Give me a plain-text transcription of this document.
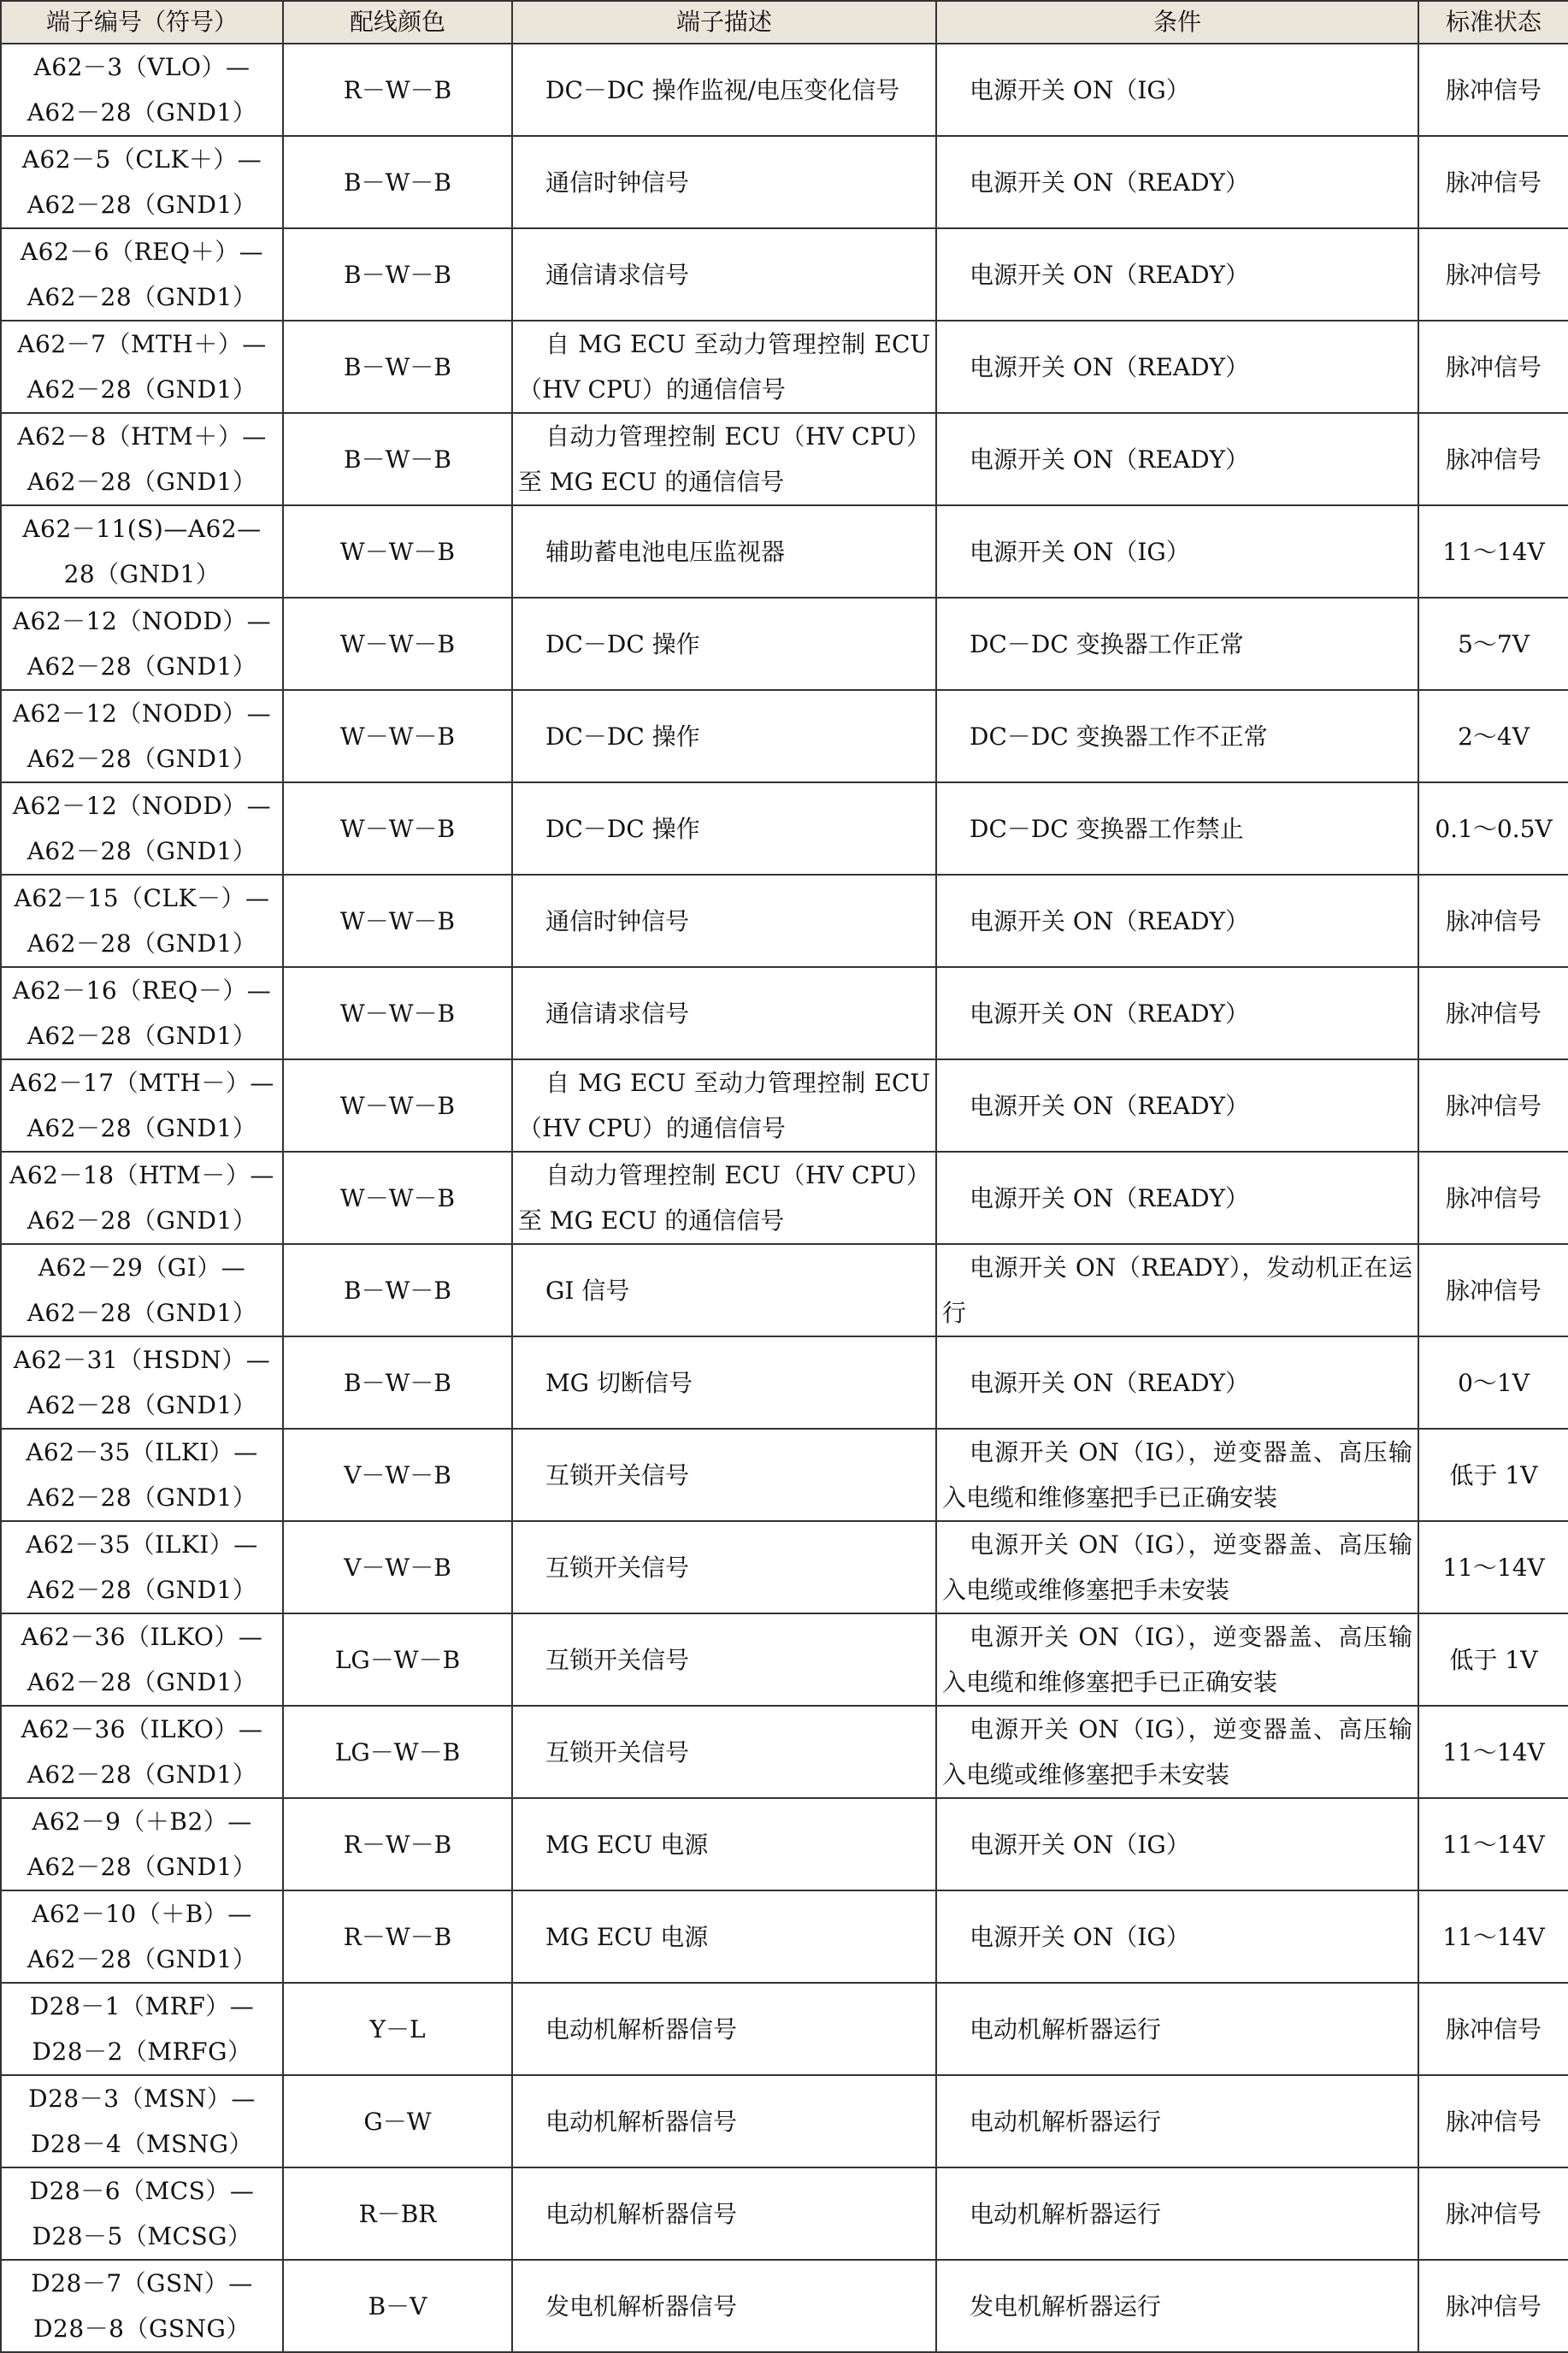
端子编号（符号）	配线颜色	端子描述	条件	标准状态
A62－3（VLO）—
A62－28（GND1）	R－W－B	DC－DC 操作监视/电压变化信号	电源开关 ON（IG）	脉冲信号
A62－5（CLK＋）—
A62－28（GND1）	B－W－B	通信时钟信号	电源开关 ON（READY）	脉冲信号
A62－6（REQ＋）—
A62－28（GND1）	B－W－B	通信请求信号	电源开关 ON（READY）	脉冲信号
A62－7（MTH＋）—
A62－28（GND1）	B－W－B	自 MG ECU 至动力管理控制 ECU（HV CPU）的通信信号	电源开关 ON（READY）	脉冲信号
A62－8（HTM＋）—
A62－28（GND1）	B－W－B	自动力管理控制 ECU（HV CPU）至 MG ECU 的通信信号	电源开关 ON（READY）	脉冲信号
A62－11(S)—A62—
28（GND1）	W－W－B	辅助蓄电池电压监视器	电源开关 ON（IG）	11～14V
A62－12（NODD）—
A62－28（GND1）	W－W－B	DC－DC 操作	DC－DC 变换器工作正常	5～7V
A62－12（NODD）—
A62－28（GND1）	W－W－B	DC－DC 操作	DC－DC 变换器工作不正常	2～4V
A62－12（NODD）—
A62－28（GND1）	W－W－B	DC－DC 操作	DC－DC 变换器工作禁止	0.1～0.5V
A62－15（CLK－）—
A62－28（GND1）	W－W－B	通信时钟信号	电源开关 ON（READY）	脉冲信号
A62－16（REQ－）—
A62－28（GND1）	W－W－B	通信请求信号	电源开关 ON（READY）	脉冲信号
A62－17（MTH－）—
A62－28（GND1）	W－W－B	自 MG ECU 至动力管理控制 ECU（HV CPU）的通信信号	电源开关 ON（READY）	脉冲信号
A62－18（HTM－）—
A62－28（GND1）	W－W－B	自动力管理控制 ECU（HV CPU）至 MG ECU 的通信信号	电源开关 ON（READY）	脉冲信号
A62－29（GI）—
A62－28（GND1）	B－W－B	GI 信号	电源开关 ON（READY），发动机正在运行	脉冲信号
A62－31（HSDN）—
A62－28（GND1）	B－W－B	MG 切断信号	电源开关 ON（READY）	0～1V
A62－35（ILKI）—
A62－28（GND1）	V－W－B	互锁开关信号	电源开关 ON（IG），逆变器盖、高压输入电缆和维修塞把手已正确安装	低于 1V
A62－35（ILKI）—
A62－28（GND1）	V－W－B	互锁开关信号	电源开关 ON（IG），逆变器盖、高压输入电缆或维修塞把手未安装	11～14V
A62－36（ILKO）—
A62－28（GND1）	LG－W－B	互锁开关信号	电源开关 ON（IG），逆变器盖、高压输入电缆和维修塞把手已正确安装	低于 1V
A62－36（ILKO）—
A62－28（GND1）	LG－W－B	互锁开关信号	电源开关 ON（IG），逆变器盖、高压输入电缆或维修塞把手未安装	11～14V
A62－9（＋B2）—
A62－28（GND1）	R－W－B	MG ECU 电源	电源开关 ON（IG）	11～14V
A62－10（＋B）—
A62－28（GND1）	R－W－B	MG ECU 电源	电源开关 ON（IG）	11～14V
D28－1（MRF）—
D28－2（MRFG）	Y－L	电动机解析器信号	电动机解析器运行	脉冲信号
D28－3（MSN）—
D28－4（MSNG）	G－W	电动机解析器信号	电动机解析器运行	脉冲信号
D28－6（MCS）—
D28－5（MCSG）	R－BR	电动机解析器信号	电动机解析器运行	脉冲信号
D28－7（GSN）—
D28－8（GSNG）	B－V	发电机解析器信号	发电机解析器运行	脉冲信号
